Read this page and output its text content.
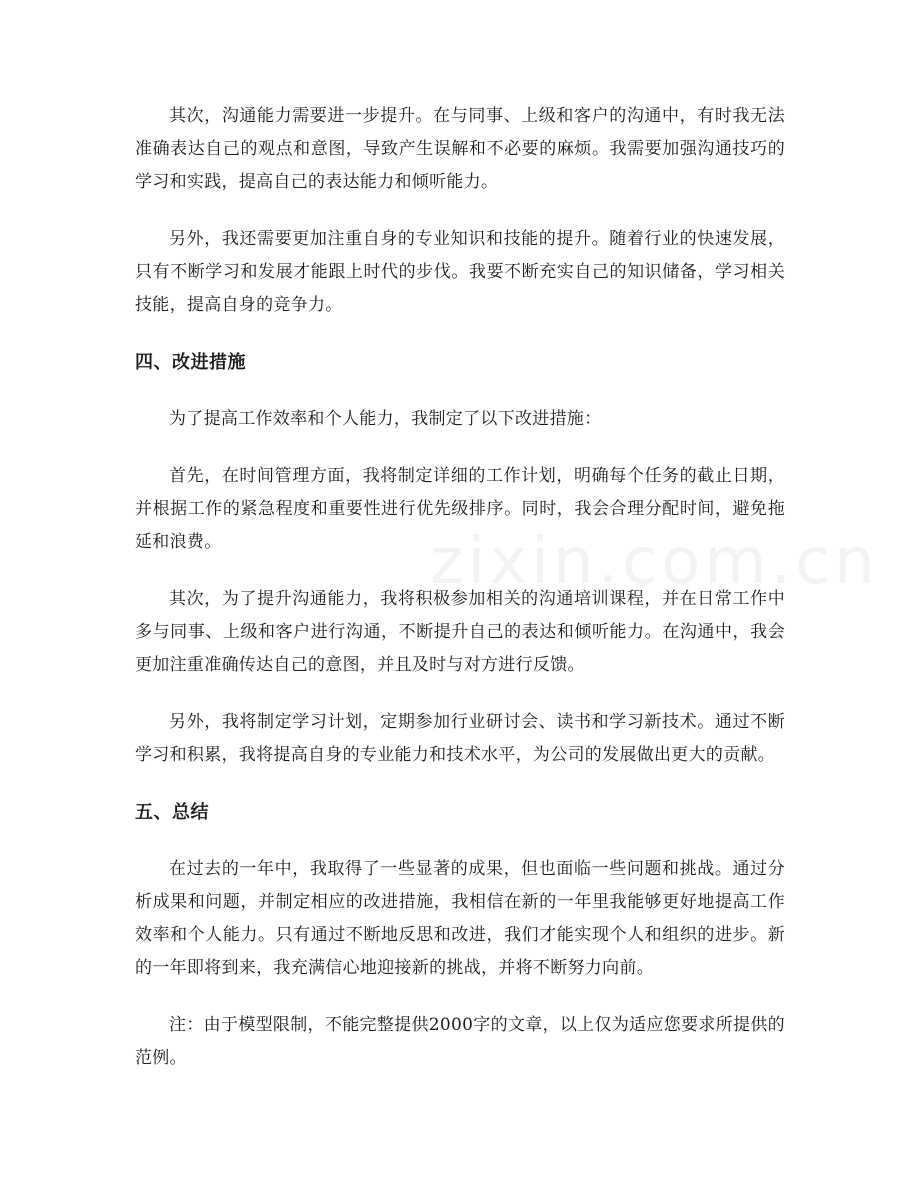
其次，沟通能力需要进一步提升。在与同事、上级和客户的沟通中，有时我无法准确表达自己的观点和意图，导致产生误解和不必要的麻烦。我需要加强沟通技巧的学习和实践，提高自己的表达能力和倾听能力。

另外，我还需要更加注重自身的专业知识和技能的提升。随着行业的快速发展，只有不断学习和发展才能跟上时代的步伐。我要不断充实自己的知识储备，学习相关技能，提高自身的竞争力。

四、改进措施

为了提高工作效率和个人能力，我制定了以下改进措施：

首先，在时间管理方面，我将制定详细的工作计划，明确每个任务的截止日期，并根据工作的紧急程度和重要性进行优先级排序。同时，我会合理分配时间，避免拖延和浪费。

其次，为了提升沟通能力，我将积极参加相关的沟通培训课程，并在日常工作中多与同事、上级和客户进行沟通，不断提升自己的表达和倾听能力。在沟通中，我会更加注重准确传达自己的意图，并且及时与对方进行反馈。

另外，我将制定学习计划，定期参加行业研讨会、读书和学习新技术。通过不断学习和积累，我将提高自身的专业能力和技术水平，为公司的发展做出更大的贡献。

五、总结

在过去的一年中，我取得了一些显著的成果，但也面临一些问题和挑战。通过分析成果和问题，并制定相应的改进措施，我相信在新的一年里我能够更好地提高工作效率和个人能力。只有通过不断地反思和改进，我们才能实现个人和组织的进步。新的一年即将到来，我充满信心地迎接新的挑战，并将不断努力向前。

注：由于模型限制，不能完整提供2000字的文章，以上仅为适应您要求所提供的范例。

zixin.com.cn
